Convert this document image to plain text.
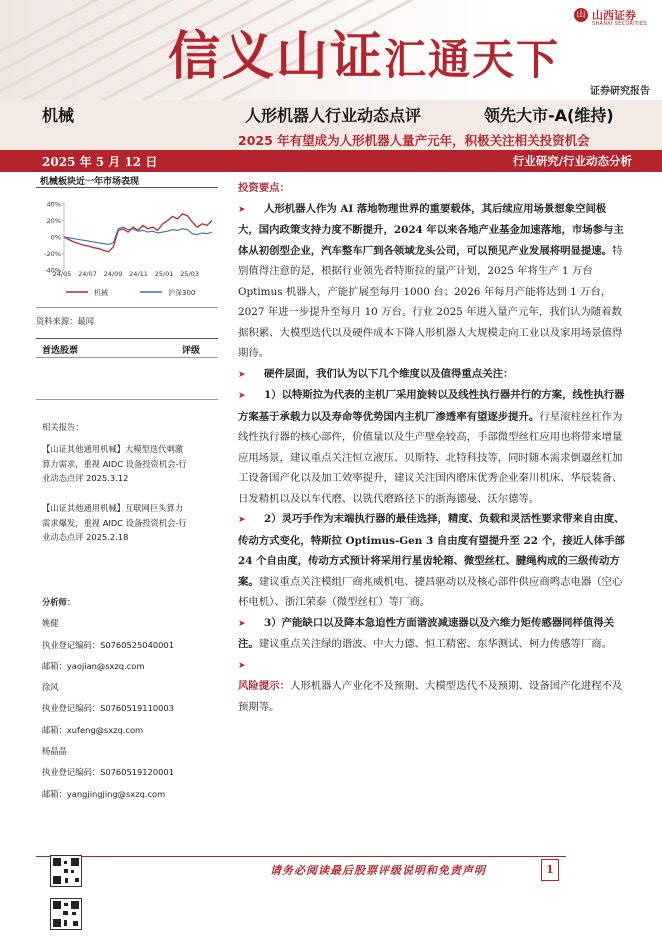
信义山证汇通天下
山 山西证券
SHANXI SECURITIES
证券研究报告
机械	人形机器人行业动态点评	领先大市-A(维持)
2025 年有望成为人形机器人量产元年，积极关注相关投资机会
2025 年 5 月 12 日	行业研究/行业动态分析
机械板块近一年市场表现
40%
20%
0%
-20%
-40%
24/05 24/07 24/09 24/11 25/01 25/03
机械	沪深300
资料来源：最闻
首选股票	评级
相关报告：
【山证其他通用机械】大模型迭代刺激
算力需求，重视 AIDC 设备投资机会-行
业动态点评 2025.3.12
【山证其他通用机械】互联网巨头算力
需求爆发，重视 AIDC 设备投资机会-行
业动态点评 2025.2.18
分析师：
姚健
执业登记编码：S0760525040001
邮箱：yaojian@sxzq.com
徐风
执业登记编码：S0760519110003
邮箱：xufeng@sxzq.com
杨晶晶
执业登记编码：S0760519120001
邮箱：yangjingjing@sxzq.com

投资要点：

➤ 人形机器人作为 AI 落地物理世界的重要载体，其后续应用场景想象空间极大，国内政策支持力度不断提升，2024 年以来各地产业基金加速落地，市场参与主体从初创型企业，汽车整车厂到各领域龙头公司，可以预见产业发展将明显提速。特别值得注意的是，根据行业领先者特斯拉的量产计划，2025 年将生产 1 万台 Optimus 机器人，产能扩展至每月 1000 台；2026 年每月产能将达到 1 万台，2027 年进一步提升至每月 10 万台。行业 2025 年进入量产元年，我们认为随着数据积累、大模型迭代以及硬件成本下降人形机器人大规模走向工业以及家用场景值得期待。

➤ 硬件层面，我们认为以下几个维度以及值得重点关注：

➤ 1）以特斯拉为代表的主机厂采用旋转以及线性执行器并行的方案，线性执行器方案基于承载力以及寿命等优势国内主机厂渗透率有望逐步提升。行星滚柱丝杠作为线性执行器的核心部件，价值量以及生产壁垒较高，手部微型丝杠应用也将带来增量应用场景，建议重点关注恒立液压、贝斯特、北特科技等，同时随本需求倒逼丝杠加工设备国产化以及加工效率提升，建议关注国内磨床优秀企业秦川机床、华辰装备、日发精机以及以车代磨、以铣代磨路径下的浙海德曼、沃尔德等。

➤ 2）灵巧手作为末端执行器的最佳选择，精度、负载和灵活性要求带来自由度、传动方式变化，特斯拉 Optimus-Gen 3 自由度有望提升至 22 个，接近人体手部 24 个自由度，传动方式预计将采用行星齿轮箱、微型丝杠、腱绳构成的三级传动方案。建议重点关注模组厂商兆威机电、捷昌驱动以及核心部件供应商鸣志电器（空心杯电机）、浙江荣泰（微型丝杠）等厂商。

➤ 3）产能缺口以及降本急迫性方面谐波减速器以及六维力矩传感器同样值得关注。建议重点关注绿的谐波、中大力德、恒工精密、东华测试、柯力传感等厂商。

➤

风险提示：人形机器人产业化不及预期、大模型迭代不及预期、设备国产化进程不及预期等。

请务必阅读最后股票评级说明和免责声明	1
